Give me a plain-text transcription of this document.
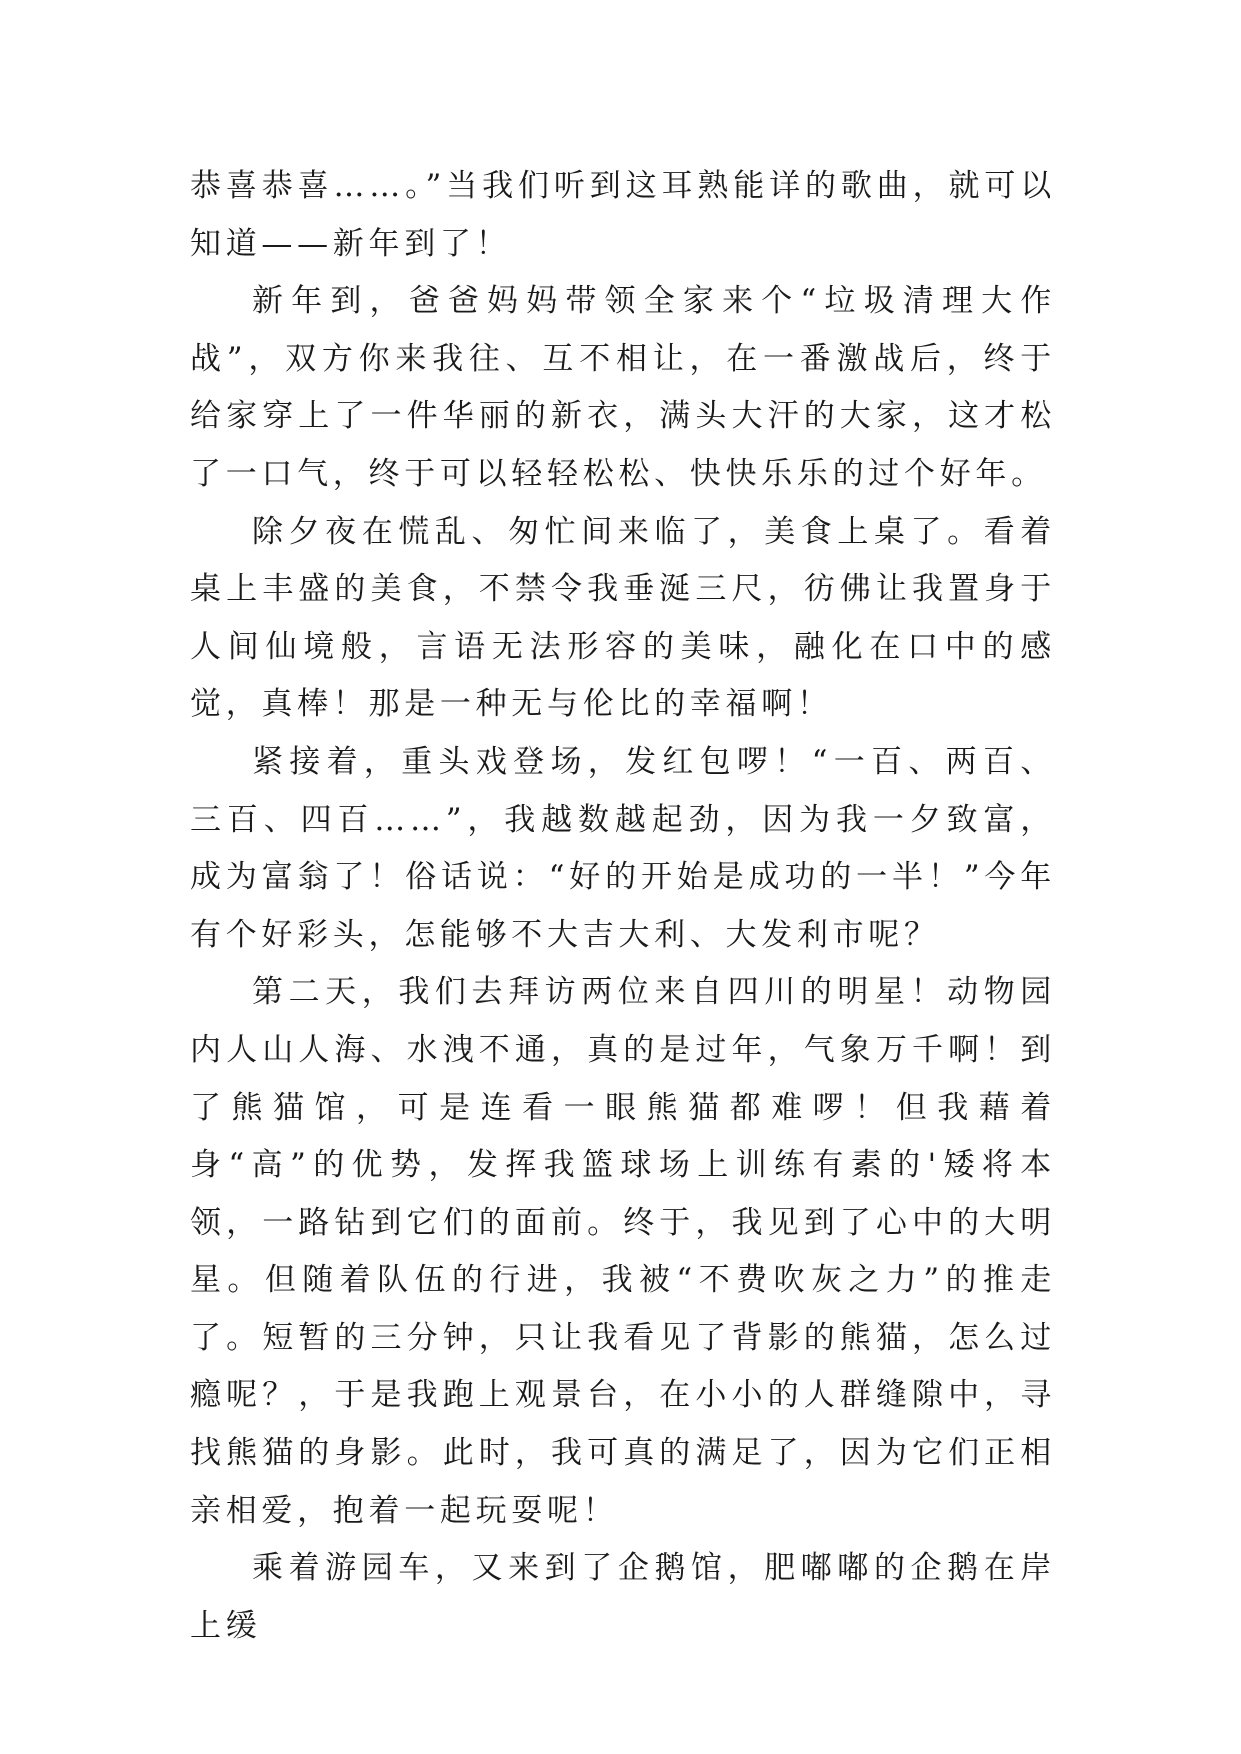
恭喜恭喜……。”当我们听到这耳熟能详的歌曲，就可以知道——新年到了！

新年到，爸爸妈妈带领全家来个“垃圾清理大作战”，双方你来我往、互不相让，在一番激战后，终于给家穿上了一件华丽的新衣，满头大汗的大家，这才松了一口气，终于可以轻轻松松、快快乐乐的过个好年。

除夕夜在慌乱、匆忙间来临了，美食上桌了。看着桌上丰盛的美食，不禁令我垂涎三尺，彷佛让我置身于人间仙境般，言语无法形容的美味，融化在口中的感觉，真棒！那是一种无与伦比的幸福啊！

紧接着，重头戏登场，发红包啰！“一百、两百、三百、四百……”，我越数越起劲，因为我一夕致富，成为富翁了！俗话说：“好的开始是成功的一半！”今年有个好彩头，怎能够不大吉大利、大发利市呢？

第二天，我们去拜访两位来自四川的明星！动物园内人山人海、水洩不通，真的是过年，气象万千啊！到了熊猫馆，可是连看一眼熊猫都难啰！但我藉着身“高”的优势，发挥我篮球场上训练有素的'矮将本领，一路钻到它们的面前。终于，我见到了心中的大明星。但随着队伍的行进，我被“不费吹灰之力”的推走了。短暂的三分钟，只让我看见了背影的熊猫，怎么过瘾呢？，于是我跑上观景台，在小小的人群缝隙中，寻找熊猫的身影。此时，我可真的满足了，因为它们正相亲相爱，抱着一起玩耍呢！

乘着游园车，又来到了企鹅馆，肥嘟嘟的企鹅在岸上缓
